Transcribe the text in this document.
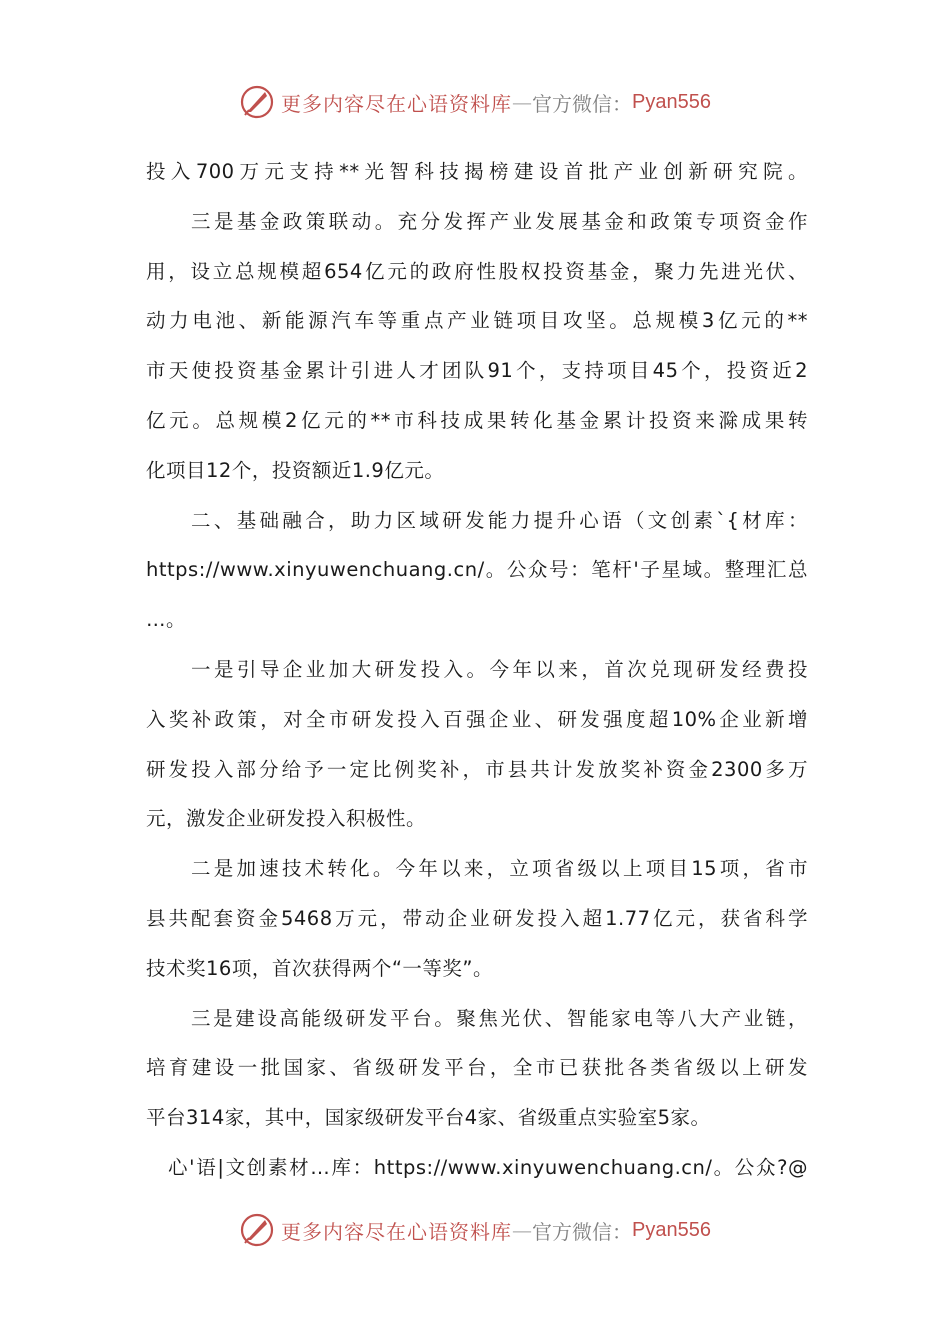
更多内容尽在心语资料库 — 官方微信： Pyan556
投入700万元支持**光智科技揭榜建设首批产业创新研究院。
三是基金政策联动。充分发挥产业发展基金和政策专项资金作
用，设立总规模超654亿元的政府性股权投资基金，聚力先进光伏、
动力电池、新能源汽车等重点产业链项目攻坚。总规模3亿元的**
市天使投资基金累计引进人才团队91个，支持项目45个，投资近2
亿元。总规模2亿元的**市科技成果转化基金累计投资来滁成果转
化项目12个，投资额近1.9亿元。
二、基础融合，助力区域研发能力提升心语（文创素`{材库：
https://www.xinyuwenchuang.cn/。公众号：笔杆'子星域。整理汇总
…。
一是引导企业加大研发投入。今年以来，首次兑现研发经费投
入奖补政策，对全市研发投入百强企业、研发强度超10%企业新增
研发投入部分给予一定比例奖补，市县共计发放奖补资金2300多万
元，激发企业研发投入积极性。
二是加速技术转化。今年以来，立项省级以上项目15项，省市
县共配套资金5468万元，带动企业研发投入超1.77亿元，获省科学
技术奖16项，首次获得两个“一等奖”。
三是建设高能级研发平台。聚焦光伏、智能家电等八大产业链，
培育建设一批国家、省级研发平台，全市已获批各类省级以上研发
平台314家，其中，国家级研发平台4家、省级重点实验室5家。
心'语|文创素材…库：https://www.xinyuwenchuang.cn/。公众?@
更多内容尽在心语资料库 — 官方微信： Pyan556
